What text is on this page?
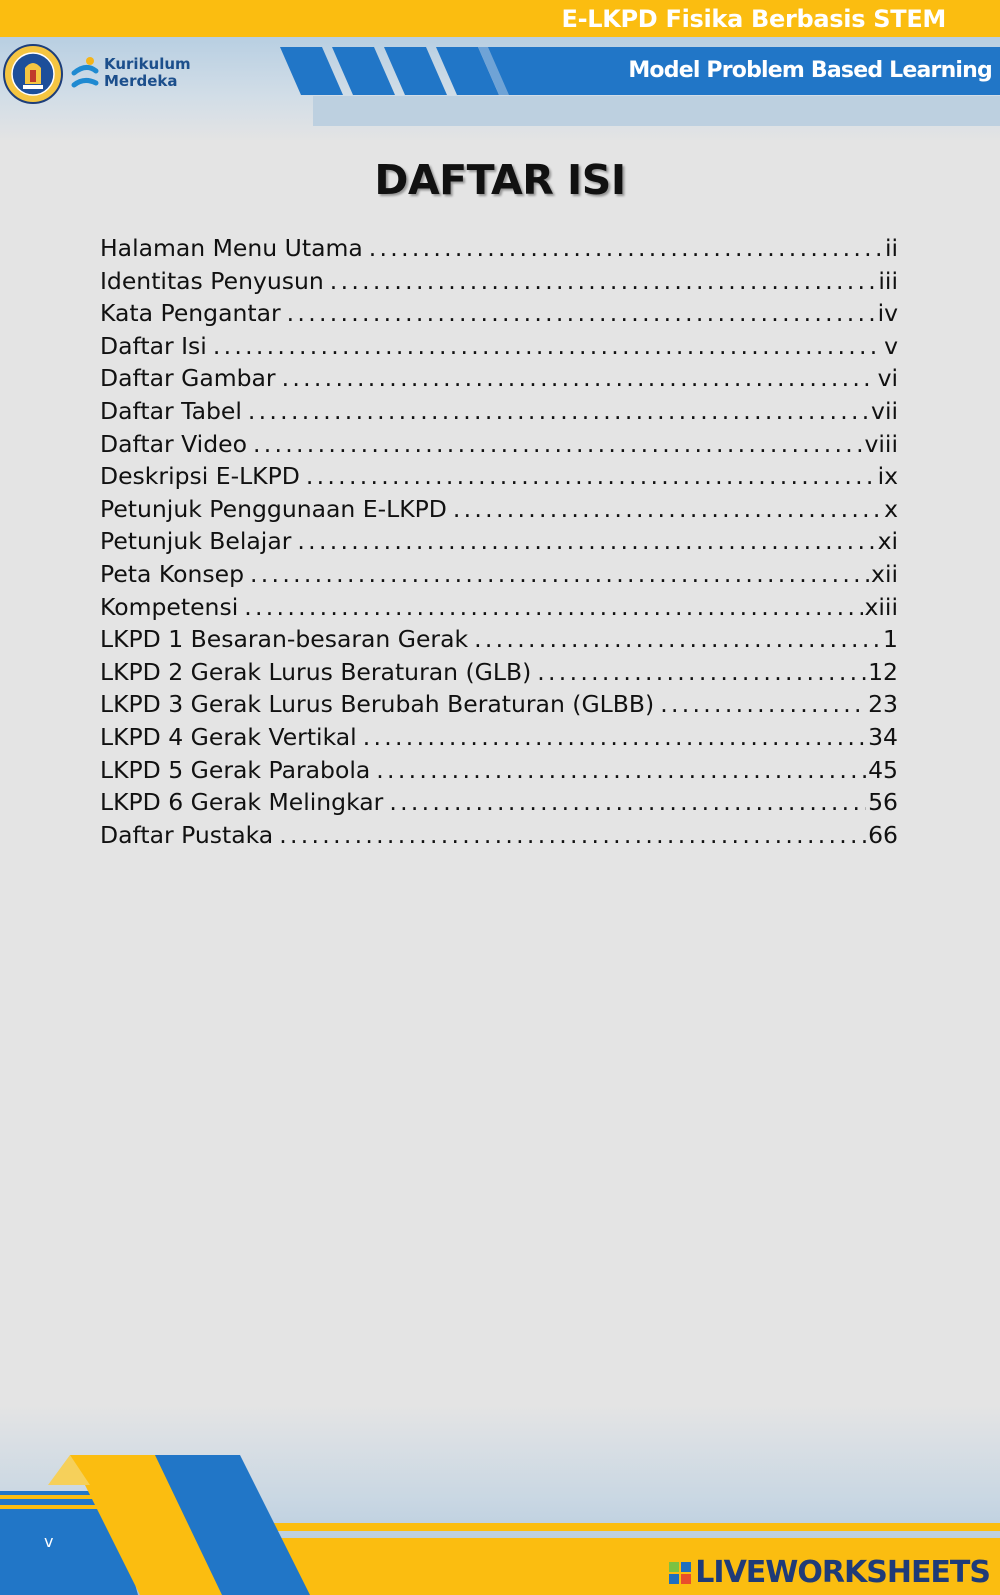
E-LKPD Fisika Berbasis STEM
Model Problem Based Learning
Kurikulum
Merdeka
DAFTAR ISI
Halaman Menu Utama .....	ii
Identitas Penyusun .....	iii
Kata Pengantar .....	iv
Daftar Isi .....	v
Daftar Gambar .....	vi
Daftar Tabel .....	vii
Daftar Video .....	viii
Deskripsi E-LKPD .....	ix
Petunjuk Penggunaan E-LKPD .....	x
Petunjuk Belajar .....	xi
Peta Konsep .....	xii
Kompetensi .....	xiii
LKPD 1 Besaran-besaran Gerak .....	1
LKPD 2 Gerak Lurus Beraturan (GLB) .....	12
LKPD 3 Gerak Lurus Berubah Beraturan (GLBB) .....	23
LKPD 4 Gerak Vertikal .....	34
LKPD 5 Gerak Parabola .....	45
LKPD 6 Gerak Melingkar .....	56
Daftar Pustaka .....	66
v
LIVEWORKSHEETS
